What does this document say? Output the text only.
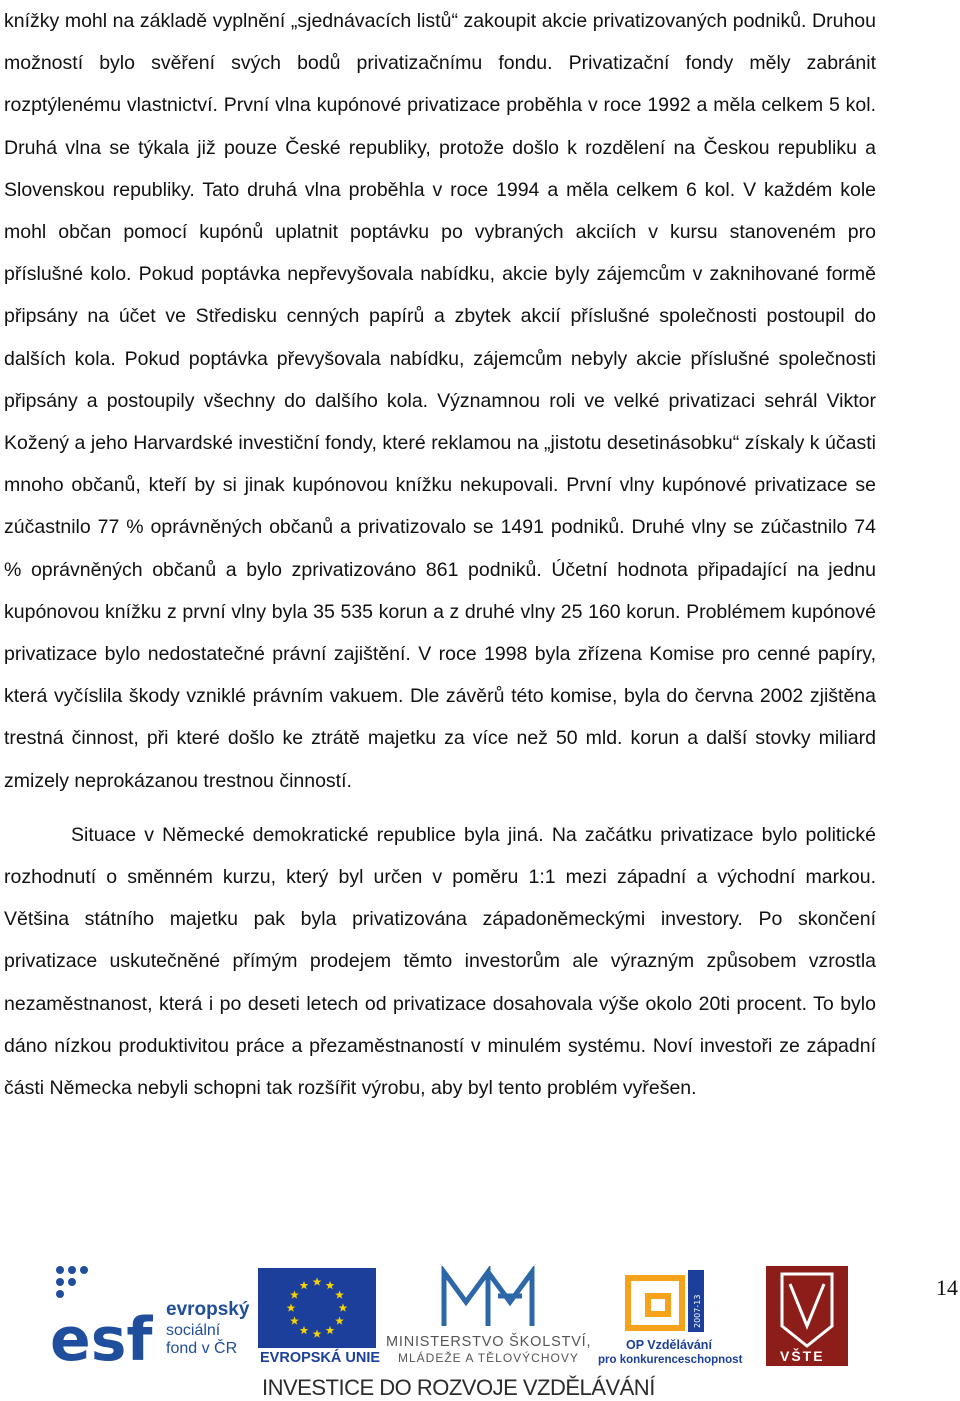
knížky mohl na základě vyplnění „sjednávacích listů“ zakoupit akcie privatizovaných podniků. Druhou možností bylo svěření svých bodů privatizačnímu fondu. Privatizační fondy měly zabránit rozptýlenému vlastnictví. První vlna kupónové privatizace proběhla v roce 1992 a měla celkem 5 kol. Druhá vlna se týkala již pouze České republiky, protože došlo k rozdělení na Českou republiku a Slovenskou republiky. Tato druhá vlna proběhla v roce 1994 a měla celkem 6 kol. V každém kole mohl občan pomocí kupónů uplatnit poptávku po vybraných akciích v kursu stanoveném pro příslušné kolo. Pokud poptávka nepřevyšovala nabídku, akcie byly zájemcům v zaknihované formě připsány na účet ve Středisku cenných papírů a zbytek akcií příslušné společnosti postoupil do dalších kola. Pokud poptávka převyšovala nabídku, zájemcům nebyly akcie příslušné společnosti připsány a postoupily všechny do dalšího kola. Významnou roli ve velké privatizaci sehrál Viktor Kožený a jeho Harvardské investiční fondy, které reklamou na „jistotu desetinásobku“ získaly k účasti mnoho občanů, kteří by si jinak kupónovou knížku nekupovali. První vlny kupónové privatizace se zúčastnilo 77 % oprávněných občanů a privatizovalo se 1491 podniků. Druhé vlny se zúčastnilo 74 % oprávněných občanů a bylo zprivatizováno 861 podniků. Účetní hodnota připadající na jednu kupónovou knížku z první vlny byla 35 535 korun a z druhé vlny 25 160 korun. Problémem kupónové privatizace bylo nedostatečné právní zajištění. V roce 1998 byla zřízena Komise pro cenné papíry, která vyčíslila škody vzniklé právním vakuem. Dle závěrů této komise, byla do června 2002 zjištěna trestná činnost, při které došlo ke ztrátě majetku za více než 50 mld. korun a další stovky miliard zmizely neprokázanou trestnou činností.

Situace v Německé demokratické republice byla jiná. Na začátku privatizace bylo politické rozhodnutí o směnném kurzu, který byl určen v poměru 1:1 mezi západní a východní markou. Většina státního majetku pak byla privatizována západoněmeckými investory. Po skončení privatizace uskutečněné přímým prodejem těmto investorům ale výrazným způsobem vzrostla nezaměstnanost, která i po deseti letech od privatizace dosahovala výše okolo 20ti procent. To bylo dáno nízkou produktivitou práce a přezaměstnaností v minulém systému. Noví investoři ze západní části Německa nebyli schopni tak rozšířit výrobu, aby byl tento problém vyřešen.

14
esf evropský
sociální
fond v ČR
EVROPSKÁ UNIE
MINISTERSTVO ŠKOLSTVÍ,
MLÁDEŽE A TĚLOVÝCHOVY
2007-13
OP Vzdělávání
pro konkurenceschopnost	VŠTE
INVESTICE DO ROZVOJE VZDĚLÁVÁNÍ
